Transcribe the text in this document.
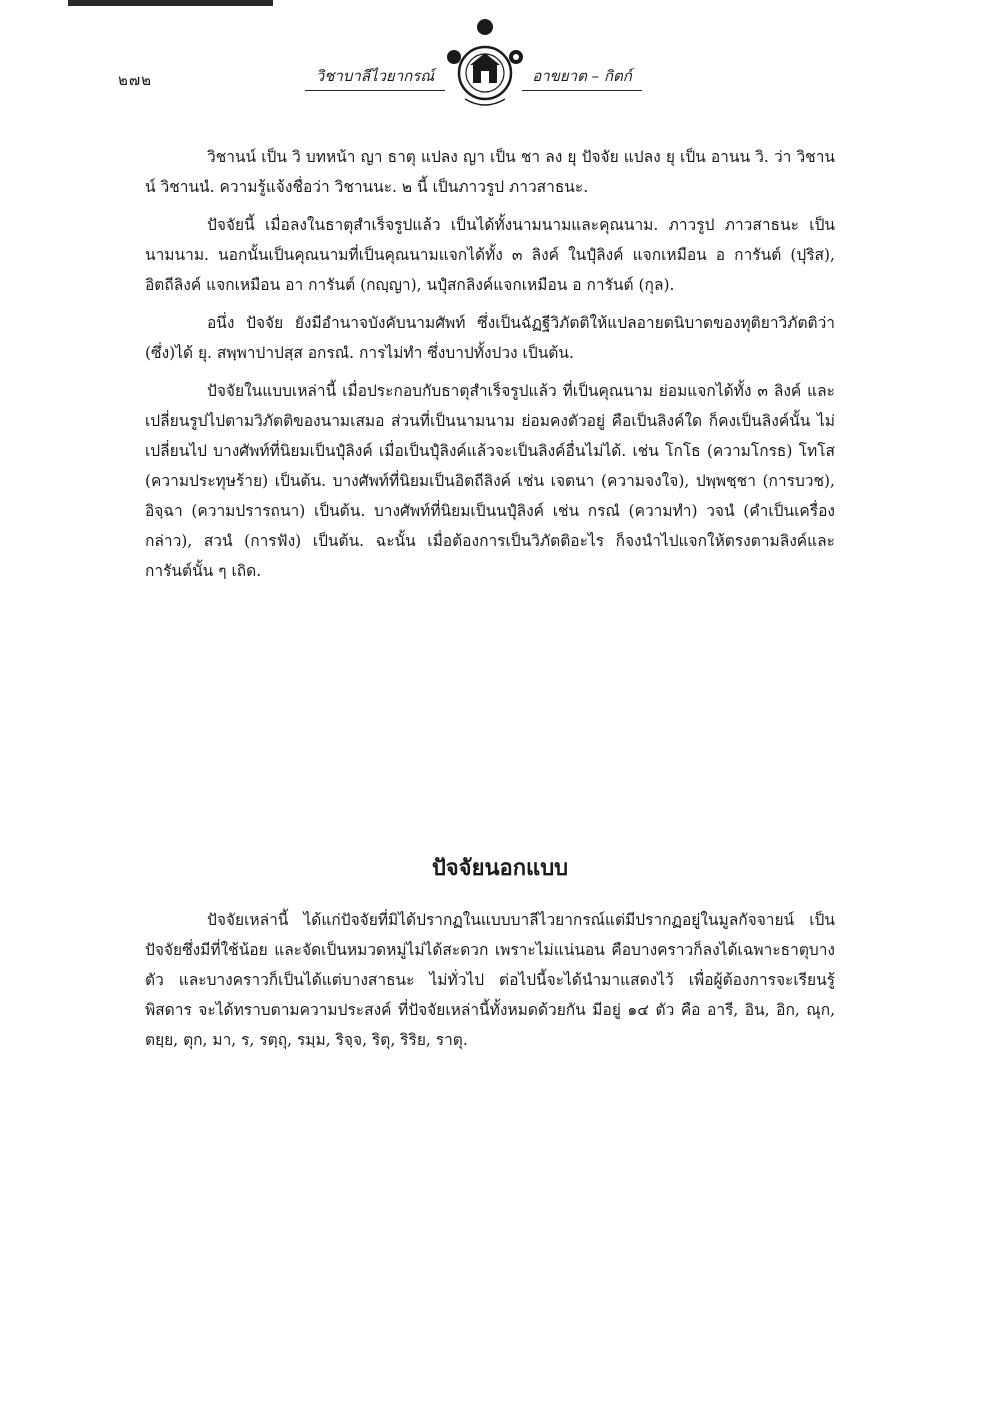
๒๗๒	วิชาบาลีไวยากรณ์	อาขยาต – กิตก์

วิชานน์ เป็น วิ บทหน้า ญา ธาตุ แปลง ญา เป็น ชา ลง ยุ ปัจจัย แปลง ยุ เป็น อานน วิ. ว่า วิชานน์ วิชานนํ. ความรู้แจ้งชื่อว่า วิชานนะ. ๒ นี้ เป็นภาวรูป ภาวสาธนะ.

ปัจจัยนี้ เมื่อลงในธาตุสำเร็จรูปแล้ว เป็นได้ทั้งนามนามและคุณนาม. ภาวรูป ภาวสาธนะ เป็นนามนาม. นอกนั้นเป็นคุณนามที่เป็นคุณนามแจกได้ทั้ง ๓ ลิงค์ ในปุํลิงค์ แจกเหมือน อ การันต์ (ปุริส), อิตถีลิงค์ แจกเหมือน อา การันต์ (กญฺญา), นปุํสกลิงค์แจกเหมือน อ การันต์ (กุล).

อนึ่ง ปัจจัย ยังมีอำนาจบังคับนามศัพท์ ซึ่งเป็นฉัฏฐีวิภัตติให้แปลอายตนิบาตของทุติยาวิภัตติว่า (ซึ่ง)ได้ ยุ. สพฺพาปาปสฺส อกรณํ. การไม่ทำ ซึ่งบาปทั้งปวง เป็นต้น.

ปัจจัยในแบบเหล่านี้ เมื่อประกอบกับธาตุสำเร็จรูปแล้ว ที่เป็นคุณนาม ย่อมแจกได้ทั้ง ๓ ลิงค์ และเปลี่ยนรูปไปตามวิภัตติของนามเสมอ ส่วนที่เป็นนามนาม ย่อมคงตัวอยู่ คือเป็นลิงค์ใด ก็คงเป็นลิงค์นั้น ไม่เปลี่ยนไป บางศัพท์ที่นิยมเป็นปุํลิงค์ เมื่อเป็นปุํลิงค์แล้วจะเป็นลิงค์อื่นไม่ได้. เช่น โกโธ (ความโกรธ) โทโส (ความประทุษร้าย) เป็นต้น. บางศัพท์ที่นิยมเป็นอิตถีลิงค์ เช่น เจตนา (ความจงใจ), ปพฺพชฺชา (การบวช), อิจฺฉา (ความปรารถนา) เป็นต้น. บางศัพท์ที่นิยมเป็นนปุํลิงค์ เช่น กรณํ (ความทำ) วจนํ (คำเป็นเครื่องกล่าว), สวนํ (การฟัง) เป็นต้น. ฉะนั้น เมื่อต้องการเป็นวิภัตติอะไร ก็จงนำไปแจกให้ตรงตามลิงค์และการันต์นั้น ๆ เถิด.

ปัจจัยนอกแบบ

ปัจจัยเหล่านี้ ได้แก่ปัจจัยที่มิได้ปรากฏในแบบบาลีไวยากรณ์แต่มีปรากฏอยู่ในมูลกัจจายน์ เป็นปัจจัยซึ่งมีที่ใช้น้อย และจัดเป็นหมวดหมู่ไม่ได้สะดวก เพราะไม่แน่นอน คือบางคราวก็ลงได้เฉพาะธาตุบางตัว และบางคราวก็เป็นได้แต่บางสาธนะ ไม่ทั่วไป ต่อไปนี้จะได้นำมาแสดงไว้ เพื่อผู้ต้องการจะเรียนรู้พิสดาร จะได้ทราบตามความประสงค์ ที่ปัจจัยเหล่านี้ทั้งหมดด้วยกัน มีอยู่ ๑๔ ตัว คือ อารี, อิน, อิก, ณุก, ตยฺย, ตุก, มา, ร, รตฺถุ, รมฺม, ริจฺจ, ริตุ, ริริย, ราตุ.
